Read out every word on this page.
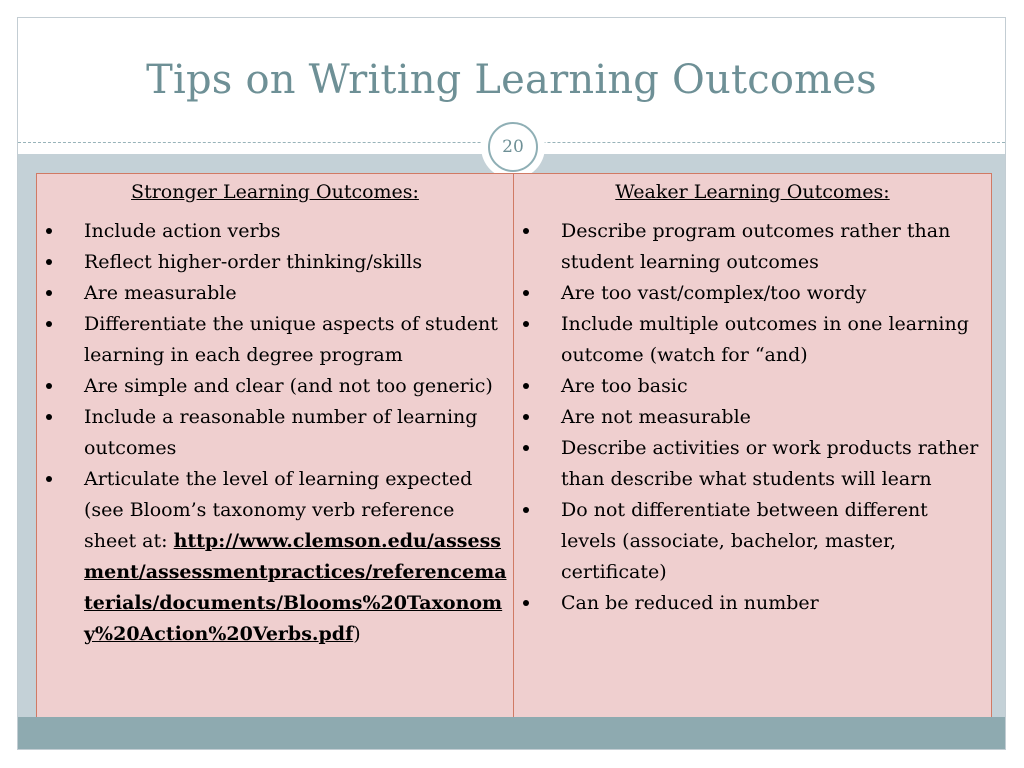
Tips on Writing Learning Outcomes
20

Stronger Learning Outcomes:

Include action verbs
Reflect higher-order thinking/skills
Are measurable
Differentiate the unique aspects of student learning in each degree program
Are simple and clear (and not too generic)
Include a reasonable number of learning outcomes
Articulate the level of learning expected (see Bloom’s taxonomy verb reference sheet at: http://www.clemson.edu/assessment/assessmentpractices/referencematerials/documents/Blooms%20Taxonomy%20Action%20Verbs.pdf)

Weaker Learning Outcomes:

Describe program outcomes rather than student learning outcomes
Are too vast/complex/too wordy
Include multiple outcomes in one learning outcome (watch for “and)
Are too basic
Are not measurable
Describe activities or work products rather than describe what students will learn
Do not differentiate between different levels (associate, bachelor, master, certificate)
Can be reduced in number
